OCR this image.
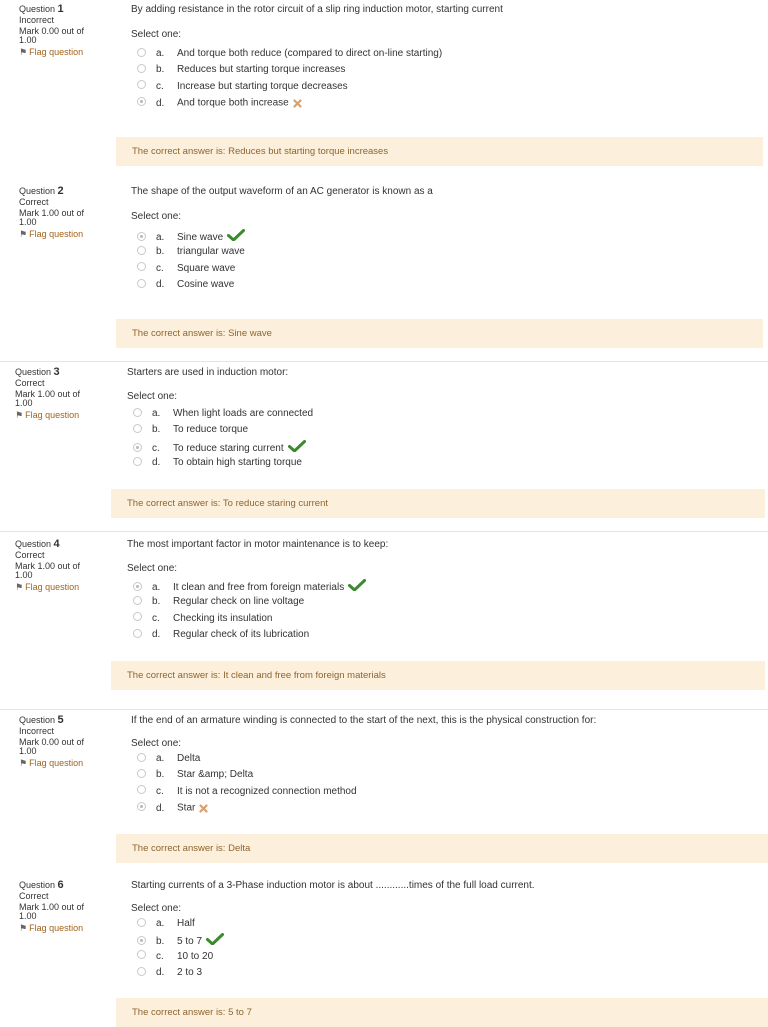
Question 1
Incorrect
Mark 0.00 out of
1.00
⚑ Flag question
By adding resistance in the rotor circuit of a slip ring induction motor, starting current
Select one:
a. And torque both reduce (compared to direct on-line starting)
b. Reduces but starting torque increases
c. Increase but starting torque decreases
d. And torque both increase
The correct answer is: Reduces but starting torque increases
Question 2
Correct
Mark 1.00 out of
1.00
⚑ Flag question
The shape of the output waveform of an AC generator is known as a
Select one:
a. Sine wave
b. triangular wave
c. Square wave
d. Cosine wave
The correct answer is: Sine wave
Question 3
Correct
Mark 1.00 out of
1.00
⚑ Flag question
Starters are used in induction motor:
Select one:
a. When light loads are connected
b. To reduce torque
c. To reduce staring current
d. To obtain high starting torque
The correct answer is: To reduce staring current
Question 4
Correct
Mark 1.00 out of
1.00
⚑ Flag question
The most important factor in motor maintenance is to keep:
Select one:
a. It clean and free from foreign materials
b. Regular check on line voltage
c. Checking its insulation
d. Regular check of its lubrication
The correct answer is: It clean and free from foreign materials
Question 5
Incorrect
Mark 0.00 out of
1.00
⚑ Flag question
If the end of an armature winding is connected to the start of the next, this is the physical construction for:
Select one:
a. Delta
b. Star &amp; Delta
c. It is not a recognized connection method
d. Star
The correct answer is: Delta
Question 6
Correct
Mark 1.00 out of
1.00
⚑ Flag question
Starting currents of a 3-Phase induction motor is about ............times of the full load current.
Select one:
a. Half
b. 5 to 7
c. 10 to 20
d. 2 to 3
The correct answer is: 5 to 7
